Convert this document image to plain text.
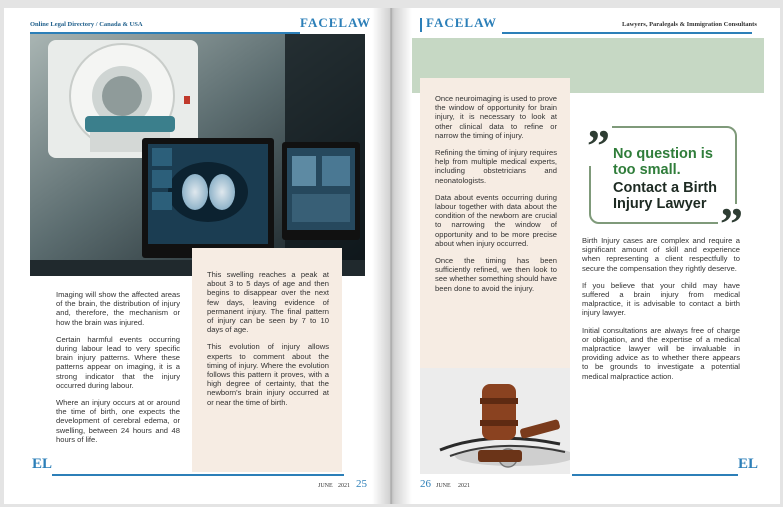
Online Legal Directory / Canada & USA	FACELAW

Imaging will show the affected areas of the brain, the distribution of injury and, therefore, the mechanism or how the brain was injured.

Certain harmful events occurring during labour lead to very specific brain injury patterns. Where these patterns appear on imaging, it is a strong indicator that the injury occurred during labour.

Where an injury occurs at or around the time of birth, one expects the development of cerebral edema, or swelling, between 24 hours and 48 hours of life.

This swelling reaches a peak at about 3 to 5 days of age and then begins to disappear over the next few days, leaving evidence of permanent injury. The final pattern of injury can be seen by 7 to 10 days of age.

This evolution of injury allows experts to comment about the timing of injury. Where the evolution follows this pattern it proves, with a high degree of certainty, that the newborn's brain injury occurred at or near the time of birth.

EL
JUNE 2021 25
FACELAW	Lawyers, Paralegals & Immigration Consultants

Once neuroimaging is used to prove the window of opportunity for brain injury, it is necessary to look at other clinical data to refine or narrow the timing of injury.

Refining the timing of injury requires help from multiple medical experts, including obstetricians and neonatologists.

Data about events occurring during labour together with data about the condition of the newborn are crucial to narrowing the window of opportunity and to be more precise about when injury occurred.

Once the timing has been sufficiently refined, we then look to see whether something should have been done to avoid the injury.

No question is too small.
Contact a Birth Injury Lawyer
”
”

Birth Injury cases are complex and require a significant amount of skill and experience when representing a client respectfully to secure the compensation they rightly deserve.

If you believe that your child may have suffered a brain injury from medical malpractice, it is advisable to contact a birth injury lawyer.

Initial consultations are always free of charge or obligation, and the expertise of a medical malpractice lawyer will be invaluable in providing advice as to whether there appears to be grounds to investigate a potential medical malpractice action.

26 JUNE 2021
EL
